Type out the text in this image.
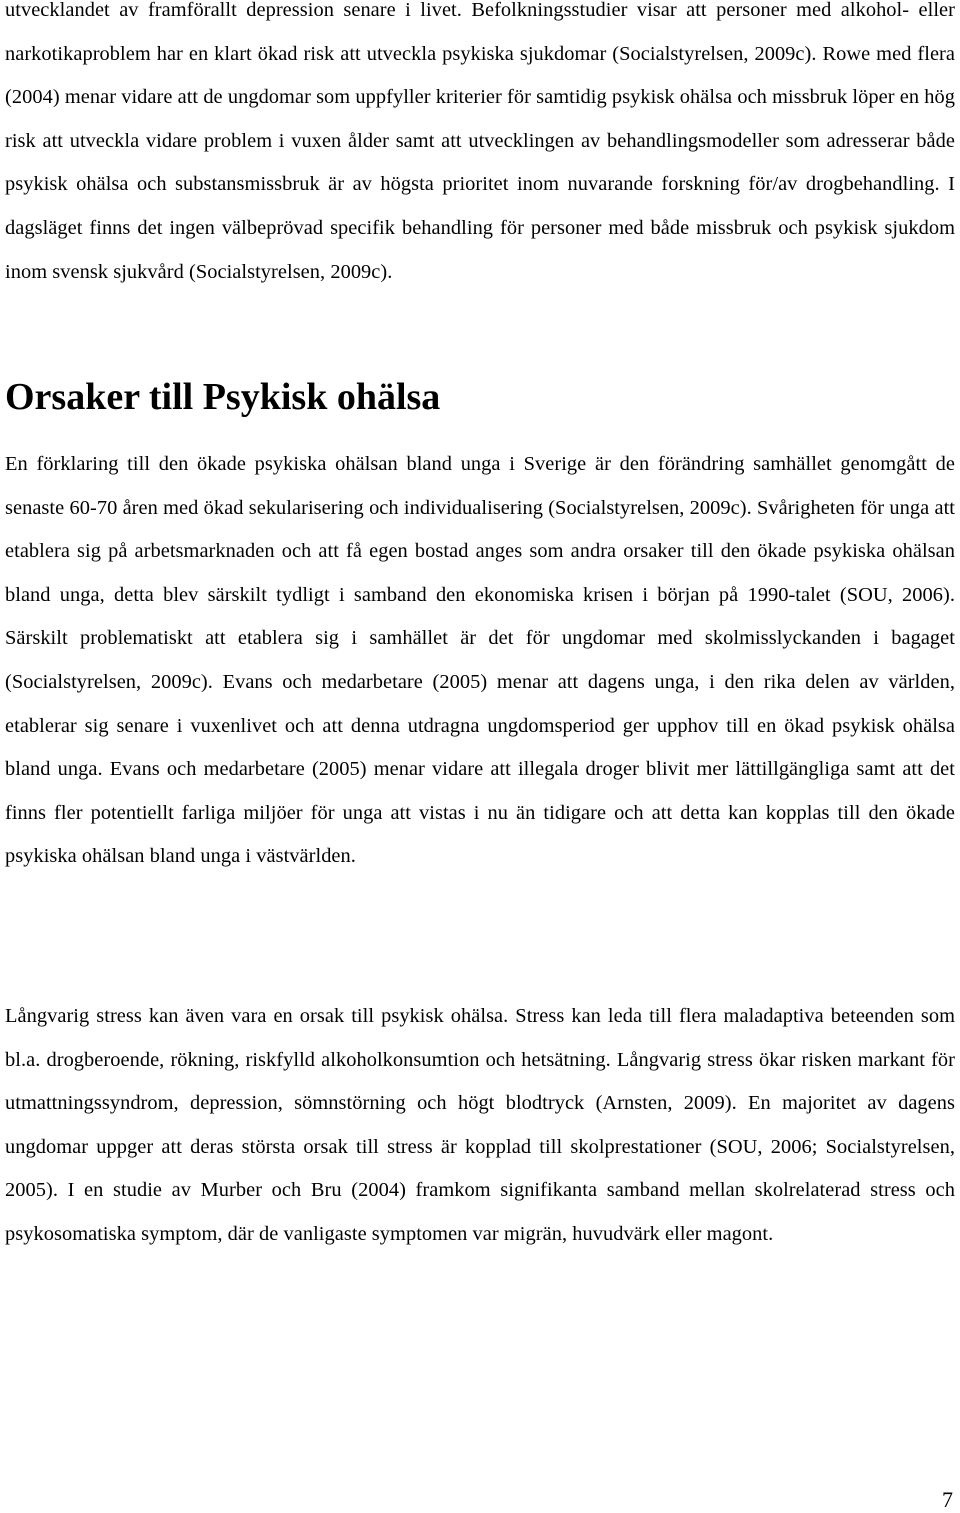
utvecklandet av framförallt depression senare i livet. Befolkningsstudier visar att personer med alkohol- eller narkotikaproblem har en klart ökad risk att utveckla psykiska sjukdomar (Socialstyrelsen, 2009c). Rowe med flera (2004) menar vidare att de ungdomar som uppfyller kriterier för samtidig psykisk ohälsa och missbruk löper en hög risk att utveckla vidare problem i vuxen ålder samt att utvecklingen av behandlingsmodeller som adresserar både psykisk ohälsa och substansmissbruk är av högsta prioritet inom nuvarande forskning för/av drogbehandling. I dagsläget finns det ingen välbeprövad specifik behandling för personer med både missbruk och psykisk sjukdom inom svensk sjukvård (Socialstyrelsen, 2009c).

Orsaker till Psykisk ohälsa

En förklaring till den ökade psykiska ohälsan bland unga i Sverige är den förändring samhället genomgått de senaste 60-70 åren med ökad sekularisering och individualisering (Socialstyrelsen, 2009c). Svårigheten för unga att etablera sig på arbetsmarknaden och att få egen bostad anges som andra orsaker till den ökade psykiska ohälsan bland unga, detta blev särskilt tydligt i samband den ekonomiska krisen i början på 1990-talet (SOU, 2006). Särskilt problematiskt att etablera sig i samhället är det för ungdomar med skolmisslyckanden i bagaget (Socialstyrelsen, 2009c). Evans och medarbetare (2005) menar att dagens unga, i den rika delen av världen, etablerar sig senare i vuxenlivet och att denna utdragna ungdomsperiod ger upphov till en ökad psykisk ohälsa bland unga. Evans och medarbetare (2005) menar vidare att illegala droger blivit mer lättillgängliga samt att det finns fler potentiellt farliga miljöer för unga att vistas i nu än tidigare och att detta kan kopplas till den ökade psykiska ohälsan bland unga i västvärlden.

Långvarig stress kan även vara en orsak till psykisk ohälsa. Stress kan leda till flera maladaptiva beteenden som bl.a. drogberoende, rökning, riskfylld alkoholkonsumtion och hetsätning. Långvarig stress ökar risken markant för utmattningssyndrom, depression, sömnstörning och högt blodtryck (Arnsten, 2009). En majoritet av dagens ungdomar uppger att deras största orsak till stress är kopplad till skolprestationer (SOU, 2006; Socialstyrelsen, 2005). I en studie av Murber och Bru (2004) framkom signifikanta samband mellan skolrelaterad stress och psykosomatiska symptom, där de vanligaste symptomen var migrän, huvudvärk eller magont.

7
